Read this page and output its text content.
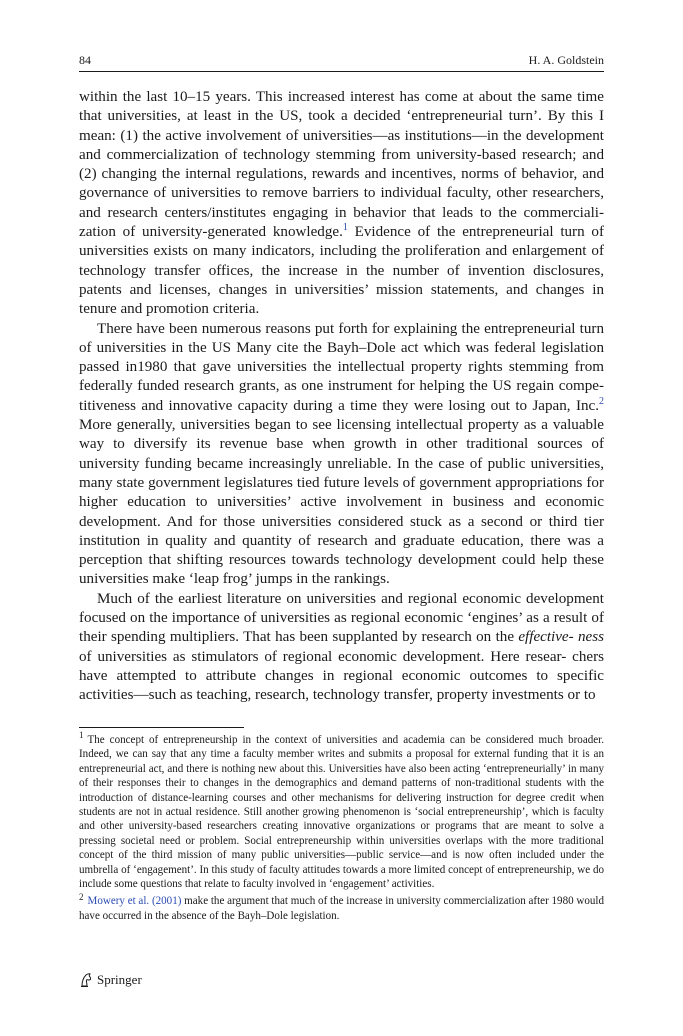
84	H. A. Goldstein

within the last 10–15 years. This increased interest has come at about the same time that universities, at least in the US, took a decided ‘entrepreneurial turn’. By this I mean: (1) the active involvement of universities—as institutions—in the development and commercialization of technology stemming from university-based research; and (2) changing the internal regulations, rewards and incentives, norms of behavior, and governance of universities to remove barriers to individual faculty, other researchers, and research centers/institutes engaging in behavior that leads to the commerciali- zation of university-generated knowledge.$^1$ Evidence of the entrepreneurial turn of universities exists on many indicators, including the proliferation and enlargement of technology transfer offices, the increase in the number of invention disclosures, patents and licenses, changes in universities’ mission statements, and changes in tenure and promotion criteria.

There have been numerous reasons put forth for explaining the entrepreneurial turn of universities in the US Many cite the Bayh–Dole act which was federal legislation passed in1980 that gave universities the intellectual property rights stemming from federally funded research grants, as one instrument for helping the US regain compe- titiveness and innovative capacity during a time they were losing out to Japan, Inc.$^2$ More generally, universities began to see licensing intellectual property as a valuable way to diversify its revenue base when growth in other traditional sources of university funding became increasingly unreliable. In the case of public universities, many state government legislatures tied future levels of government appropriations for higher education to universities’ active involvement in business and economic development. And for those universities considered stuck as a second or third tier institution in quality and quantity of research and graduate education, there was a perception that shifting resources towards technology development could help these universities make ‘leap frog’ jumps in the rankings.

Much of the earliest literature on universities and regional economic development focused on the importance of universities as regional economic ‘engines’ as a result of their spending multipliers. That has been supplanted by research on the effective- ness of universities as stimulators of regional economic development. Here resear- chers have attempted to attribute changes in regional economic outcomes to specific activities—such as teaching, research, technology transfer, property investments or to

$^1$ The concept of entrepreneurship in the context of universities and academia can be considered much broader. Indeed, we can say that any time a faculty member writes and submits a proposal for external funding that it is an entrepreneurial act, and there is nothing new about this. Universities have also been acting ‘entrepreneurially’ in many of their responses their to changes in the demographics and demand patterns of non-traditional students with the introduction of distance-learning courses and other mechanisms for delivering instruction for degree credit when students are not in actual residence. Still another growing phenomenon is ‘social entrepreneurship’, which is faculty and other university-based researchers creating innovative organizations or programs that are meant to solve a pressing societal need or problem. Social entrepreneurship within universities overlaps with the more traditional concept of the third mission of many public universities—public service—and is now often included under the umbrella of ‘engagement’. In this study of faculty attitudes towards a more limited concept of entrepreneurship, we do include some questions that relate to faculty involved in ‘engagement’ activities.

$^2$ Mowery et al. (2001) make the argument that much of the increase in university commercialization after 1980 would have occurred in the absence of the Bayh–Dole legislation.

Springer
